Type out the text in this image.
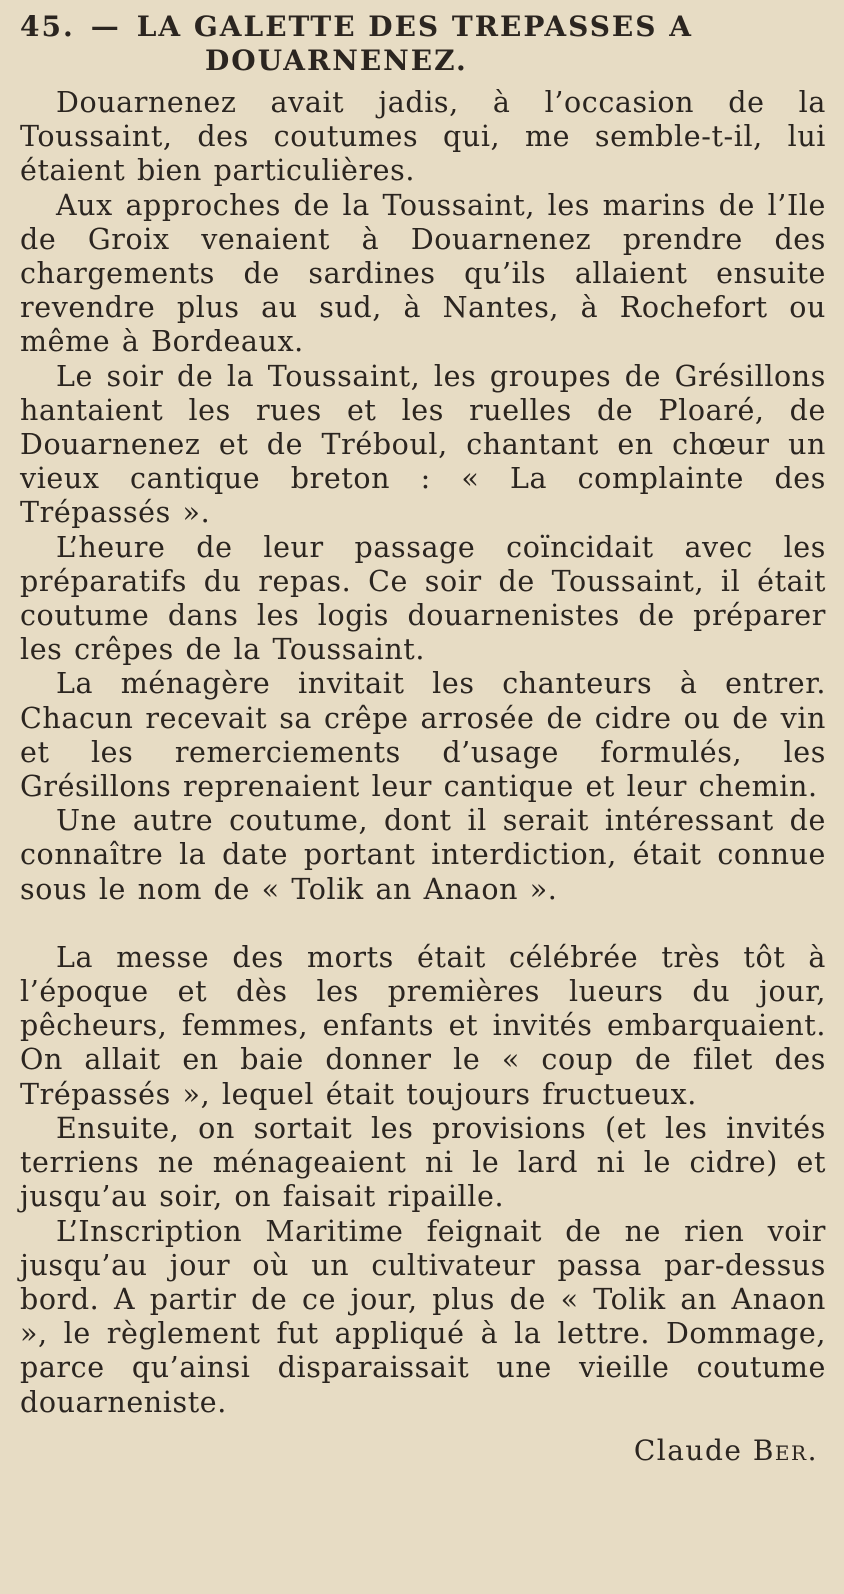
45. — LA GALETTE DES TREPASSES A
DOUARNENEZ.

Douarnenez avait jadis, à l’occasion de la Toussaint, des coutumes qui, me semble-t-il, lui étaient bien particulières.

Aux approches de la Toussaint, les marins de l’Ile de Groix venaient à Douarnenez prendre des chargements de sardines qu’ils allaient ensuite revendre plus au sud, à Nantes, à Rochefort ou même à Bordeaux.

Le soir de la Toussaint, les groupes de Grésillons hantaient les rues et les ruelles de Ploaré, de Douarnenez et de Tréboul, chantant en chœur un vieux cantique breton : « La complainte des Trépassés ».

L’heure de leur passage coïncidait avec les préparatifs du repas. Ce soir de Toussaint, il était coutume dans les logis douarnenistes de préparer les crêpes de la Toussaint.

La ménagère invitait les chanteurs à entrer. Chacun recevait sa crêpe arrosée de cidre ou de vin et les remerciements d’usage formulés, les Grésillons reprenaient leur cantique et leur chemin.

Une autre coutume, dont il serait intéressant de connaître la date portant interdiction, était connue sous le nom de « Tolik an Anaon ».

La messe des morts était célébrée très tôt à l’époque et dès les premières lueurs du jour, pêcheurs, femmes, enfants et invités embarquaient. On allait en baie donner le « coup de filet des Trépassés », lequel était toujours fructueux.

Ensuite, on sortait les provisions (et les invités terriens ne ménageaient ni le lard ni le cidre) et jusqu’au soir, on faisait ripaille.

L’Inscription Maritime feignait de ne rien voir jusqu’au jour où un cultivateur passa par-dessus bord. A partir de ce jour, plus de « Tolik an Anaon », le règlement fut appliqué à la lettre. Dommage, parce qu’ainsi disparaissait une vieille coutume douarneniste.

Claude Ber.
